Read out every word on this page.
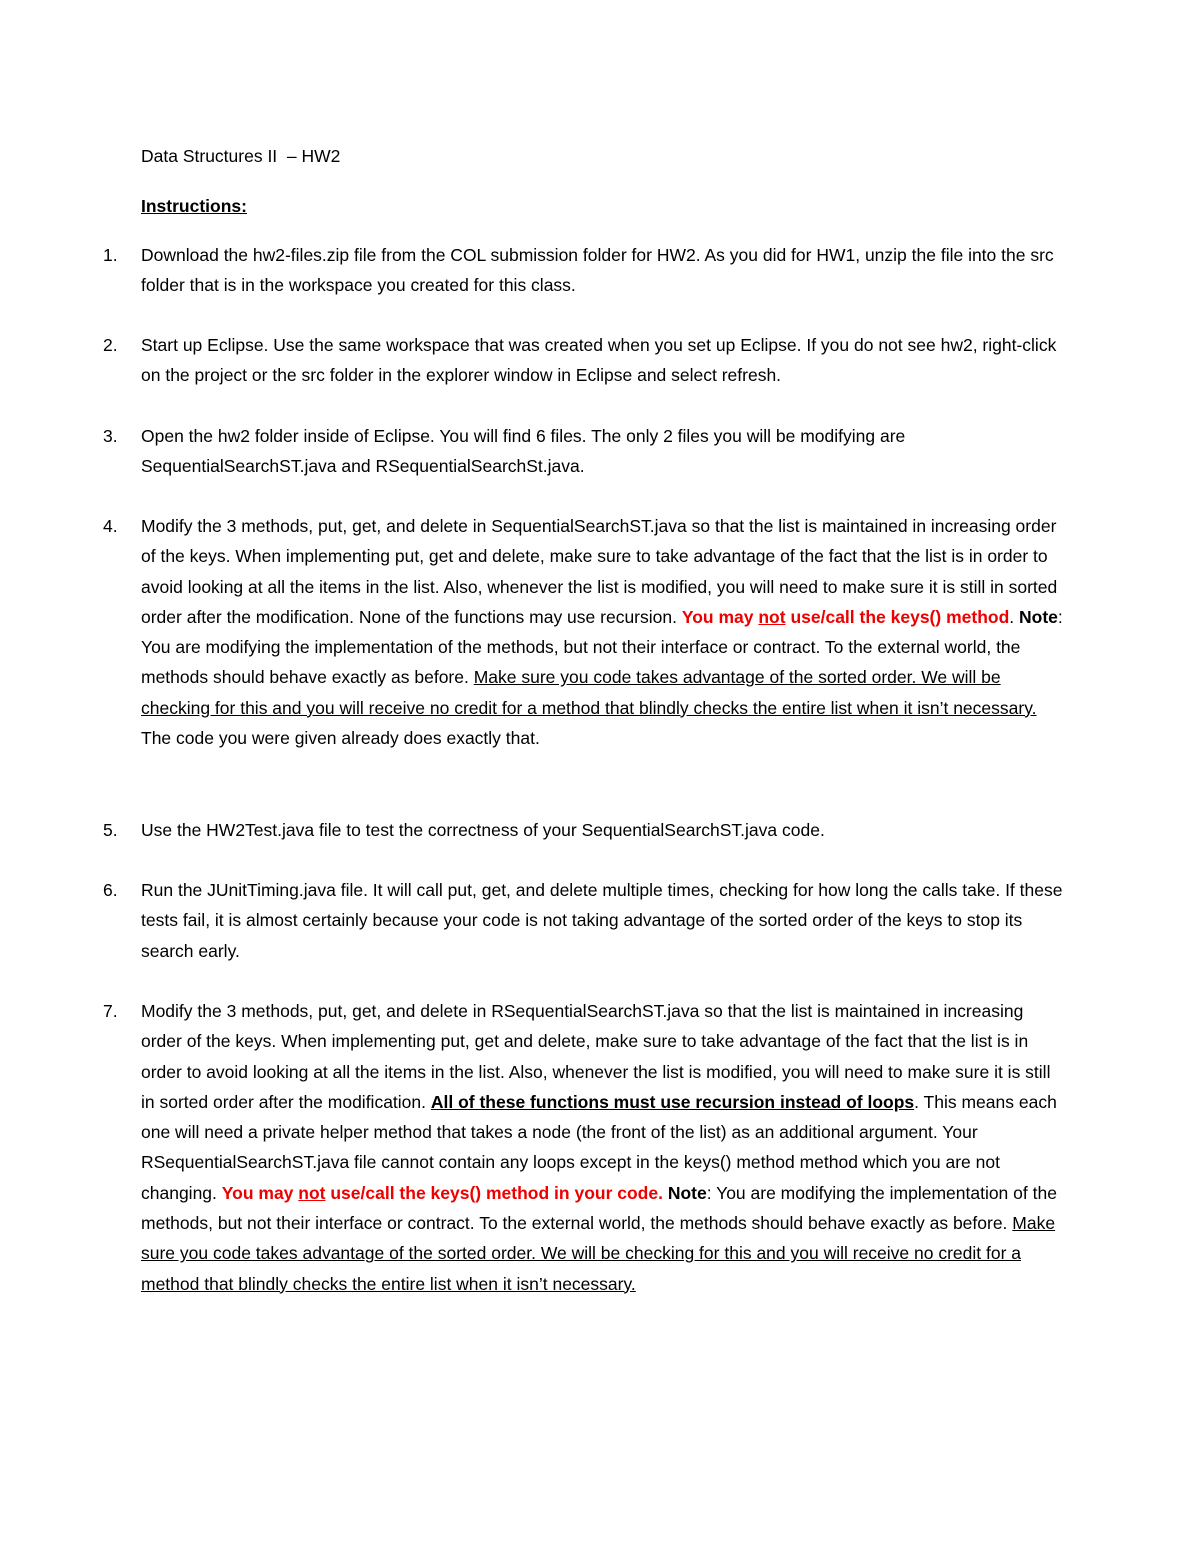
Data Structures II  – HW2
Instructions:
1.	Download the hw2-files.zip file from the COL submission folder for HW2. As you did for HW1, unzip the file into the src folder that is in the workspace you created for this class.
2.	Start up Eclipse. Use the same workspace that was created when you set up Eclipse. If you do not see hw2, right-click on the project or the src folder in the explorer window in Eclipse and select refresh.
3.	Open the hw2 folder inside of Eclipse. You will find 6 files. The only 2 files you will be modifying are SequentialSearchST.java and RSequentialSearchSt.java.
4.	Modify the 3 methods, put, get, and delete in SequentialSearchST.java so that the list is maintained in increasing order of the keys. When implementing put, get and delete, make sure to take advantage of the fact that the list is in order to avoid looking at all the items in the list. Also, whenever the list is modified, you will need to make sure it is still in sorted order after the modification. None of the functions may use recursion. You may not use/call the keys() method. Note: You are modifying the implementation of the methods, but not their interface or contract. To the external world, the methods should behave exactly as before. Make sure you code takes advantage of the sorted order. We will be checking for this and you will receive no credit for a method that blindly checks the entire list when it isn’t necessary. The code you were given already does exactly that.
5.	Use the HW2Test.java file to test the correctness of your SequentialSearchST.java code.
6.	Run the JUnitTiming.java file. It will call put, get, and delete multiple times, checking for how long the calls take. If these tests fail, it is almost certainly because your code is not taking advantage of the sorted order of the keys to stop its search early.
7.	Modify the 3 methods, put, get, and delete in RSequentialSearchST.java so that the list is maintained in increasing order of the keys. When implementing put, get and delete, make sure to take advantage of the fact that the list is in order to avoid looking at all the items in the list. Also, whenever the list is modified, you will need to make sure it is still in sorted order after the modification. All of these functions must use recursion instead of loops. This means each one will need a private helper method that takes a node (the front of the list) as an additional argument. Your RSequentialSearchST.java file cannot contain any loops except in the keys() method method which you are not changing. You may not use/call the keys() method in your code. Note: You are modifying the implementation of the methods, but not their interface or contract. To the external world, the methods should behave exactly as before. Make sure you code takes advantage of the sorted order. We will be checking for this and you will receive no credit for a method that blindly checks the entire list when it isn’t necessary.
